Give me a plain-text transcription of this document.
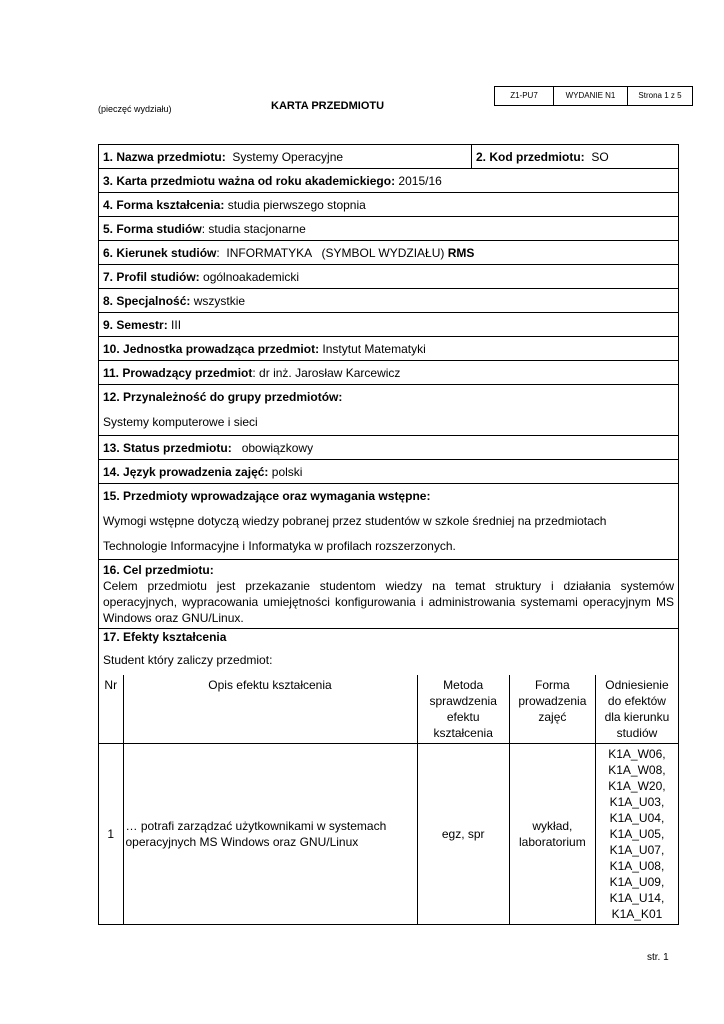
Z1-PU7	WYDANIE N1	Strona 1 z 5
(pieczęć wydziału)	KARTA PRZEDMIOTU
1. Nazwa przedmiotu: Systemy Operacyjne	2. Kod przedmiotu: SO
3. Karta przedmiotu ważna od roku akademickiego: 2015/16
4. Forma kształcenia: studia pierwszego stopnia
5. Forma studiów: studia stacjonarne
6. Kierunek studiów:  INFORMATYKA   (SYMBOL WYDZIAŁU) RMS
7. Profil studiów: ogólnoakademicki
8. Specjalność: wszystkie
9. Semestr: III
10. Jednostka prowadząca przedmiot: Instytut Matematyki
11. Prowadzący przedmiot: dr inż. Jarosław Karcewicz
12. Przynależność do grupy przedmiotów:
Systemy komputerowe i sieci
13. Status przedmiotu: obowiązkowy
14. Język prowadzenia zajęć: polski
15. Przedmioty wprowadzające oraz wymagania wstępne:
Wymogi wstępne dotyczą wiedzy pobranej przez studentów w szkole średniej na przedmiotach
Technologie Informacyjne i Informatyka w profilach rozszerzonych.
16. Cel przedmiotu:
Celem przedmiotu jest przekazanie studentom wiedzy na temat struktury i działania systemów operacyjnych, wypracowania umiejętności konfigurowania i administrowania systemami operacyjnym MS Windows oraz GNU/Linux.
17. Efekty kształcenia
Student który zaliczy przedmiot:
Nr	Opis efektu kształcenia	Metoda sprawdzenia efektu kształcenia	Forma prowadzenia zajęć	Odniesienie do efektów dla kierunku studiów
1	… potrafi zarządzać użytkownikami w systemach operacyjnych MS Windows oraz GNU/Linux	egz, spr	wykład, laboratorium	K1A_W06, K1A_W08, K1A_W20, K1A_U03, K1A_U04, K1A_U05, K1A_U07, K1A_U08, K1A_U09, K1A_U14, K1A_K01
str. 1
